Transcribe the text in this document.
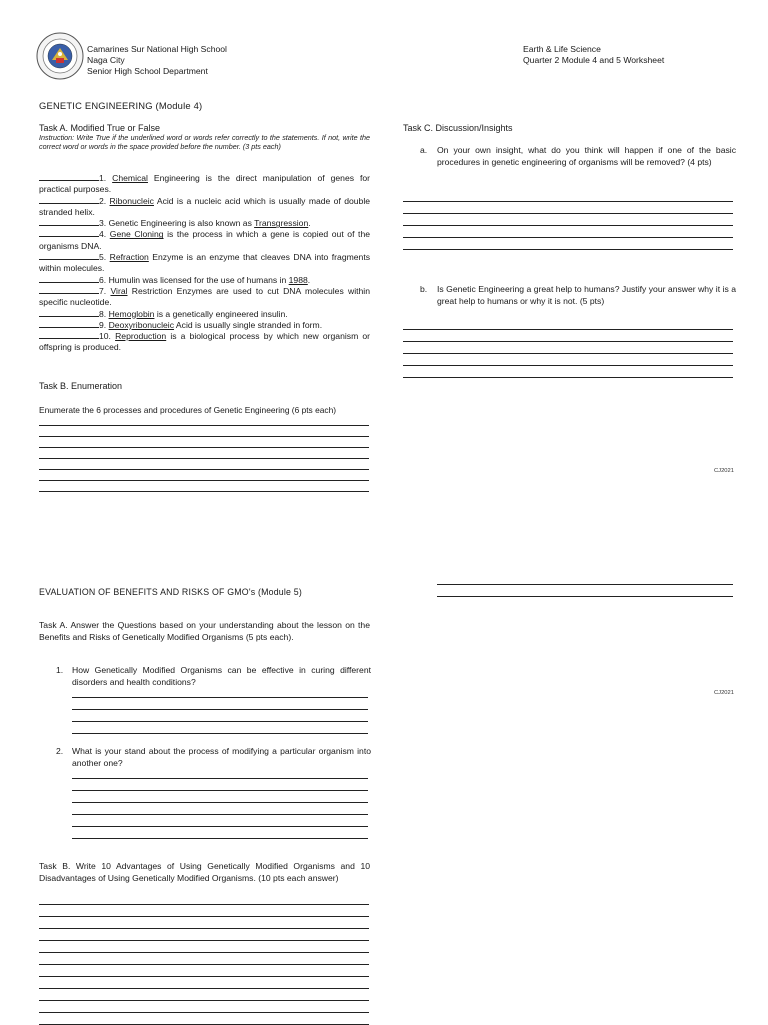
Camarines Sur National High School
Naga City
Senior High School Department
Earth & Life Science
Quarter 2 Module 4 and 5 Worksheet
GENETIC ENGINEERING (Module 4)
Task A. Modified True or False
Instruction: Write True if the underlined word or words refer correctly to the statements. If not, write the correct word or words in the space provided before the number. (3 pts each)
1. Chemical Engineering is the direct manipulation of genes for practical purposes.
2. Ribonucleic Acid is a nucleic acid which is usually made of double stranded helix.
3. Genetic Engineering is also known as Transgression.
4. Gene Cloning is the process in which a gene is copied out of the organisms DNA.
5. Refraction Enzyme is an enzyme that cleaves DNA into fragments within molecules.
6. Humulin was licensed for the use of humans in 1988.
7. Viral Restriction Enzymes are used to cut DNA molecules within specific nucleotide.
8. Hemoglobin is a genetically engineered insulin.
9. Deoxyribonucleic Acid is usually single stranded in form.
10. Reproduction is a biological process by which new organism or offspring is produced.
Task B. Enumeration
Enumerate the 6 processes and procedures of Genetic Engineering (6 pts each)
Task C. Discussion/Insights
a. On your own insight, what do you think will happen if one of the basic procedures in genetic engineering of organisms will be removed? (4 pts)
b. Is Genetic Engineering a great help to humans? Justify your answer why it is a great help to humans or why it is not. (5 pts)
CJ2021
EVALUATION OF BENEFITS AND RISKS OF GMO's (Module 5)
Task A. Answer the Questions based on your understanding about the lesson on the Benefits and Risks of Genetically Modified Organisms (5 pts each).
1. How Genetically Modified Organisms can be effective in curing different disorders and health conditions?
CJ2021
2. What is your stand about the process of modifying a particular organism into another one?
Task B. Write 10 Advantages of Using Genetically Modified Organisms and 10 Disadvantages of Using Genetically Modified Organisms. (10 pts each answer)
